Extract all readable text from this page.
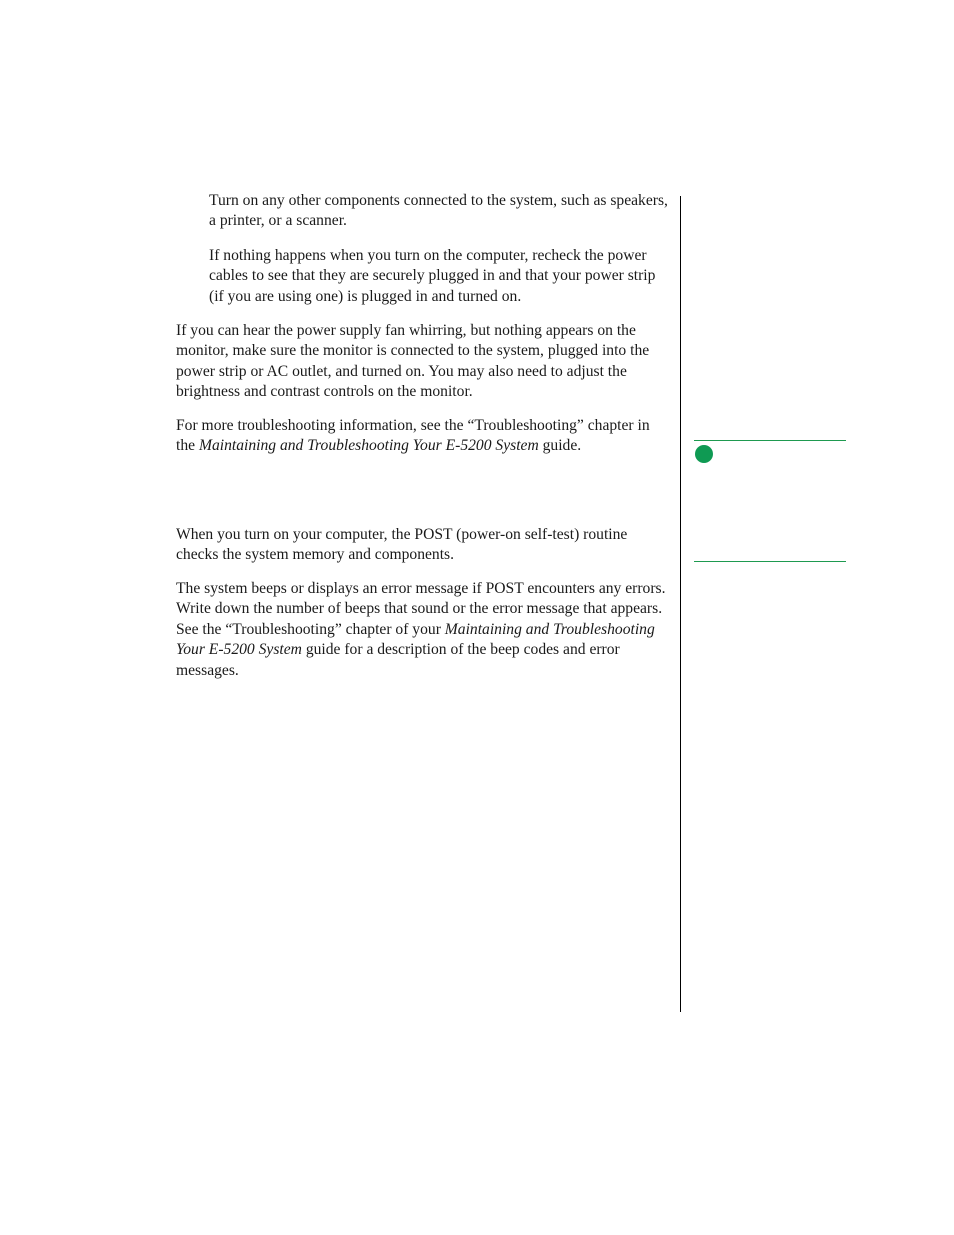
Turn on any other components connected to the system, such as speakers, a printer, or a scanner.

If nothing happens when you turn on the computer, recheck the power cables to see that they are securely plugged in and that your power strip (if you are using one) is plugged in and turned on.

If you can hear the power supply fan whirring, but nothing appears on the monitor, make sure the monitor is connected to the system, plugged into the power strip or AC outlet, and turned on. You may also need to adjust the brightness and contrast controls on the monitor.

For more troubleshooting information, see the “Troubleshooting” chapter in the Maintaining and Troubleshooting Your E-5200 System guide.

When you turn on your computer, the POST (power-on self-test) routine checks the system memory and components.

The system beeps or displays an error message if POST encounters any errors. Write down the number of beeps that sound or the error message that appears. See the “Troubleshooting” chapter of your Maintaining and Troubleshooting Your E-5200 System guide for a description of the beep codes and error messages.
